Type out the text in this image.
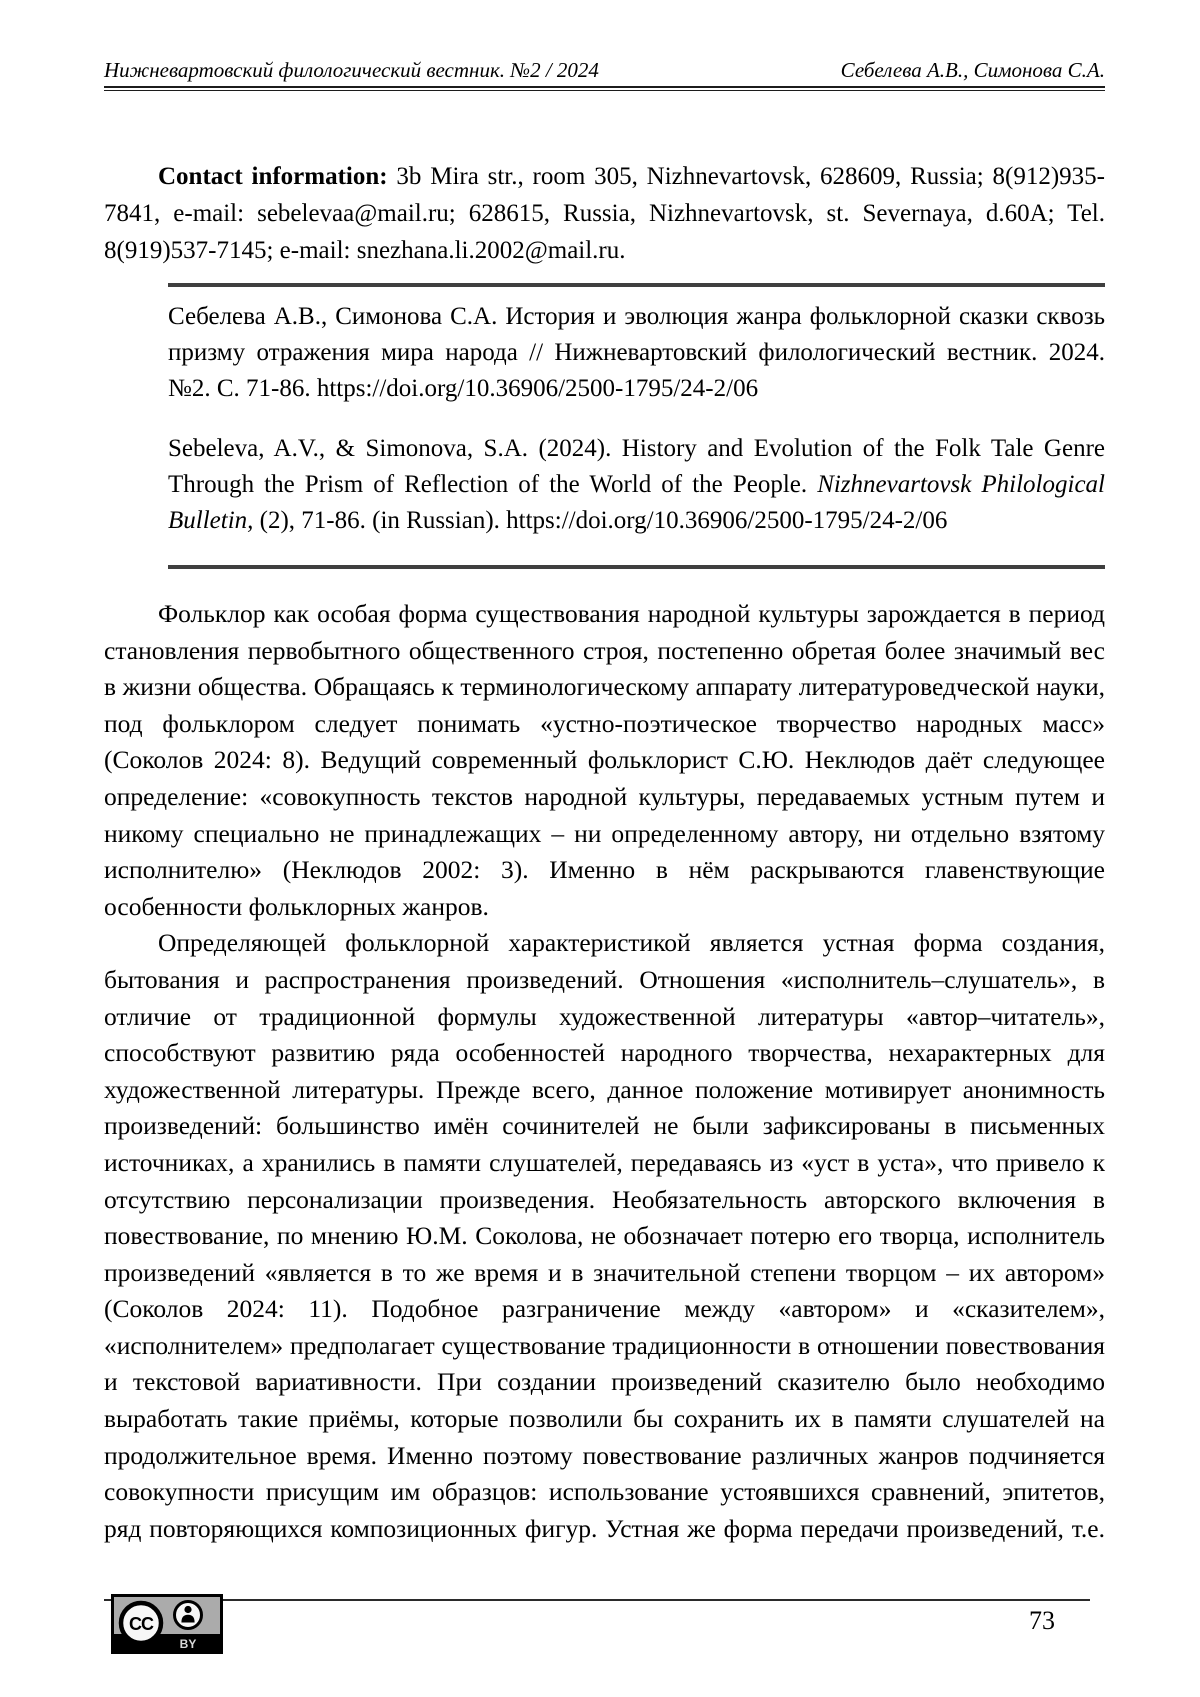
Нижневартовский филологический вестник. №2 / 2024	Себелева А.В., Симонова С.А.

Contact information: 3b Mira str., room 305, Nizhnevartovsk, 628609, Russia; 8(912)935-7841, e-mail: sebelevaa@mail.ru; 628615, Russia, Nizhnevartovsk, st. Severnaya, d.60A; Tel. 8(919)537-7145; e-mail: snezhana.li.2002@mail.ru.

Себелева А.В., Симонова С.А. История и эволюция жанра фольклорной сказки сквозь призму отражения мира народа // Нижневартовский филологический вестник. 2024. №2. С. 71-86. https://doi.org/10.36906/2500-1795/24-2/06

Sebeleva, A.V., & Simonova, S.A. (2024). History and Evolution of the Folk Tale Genre Through the Prism of Reflection of the World of the People. Nizhnevartovsk Philological Bulletin, (2), 71-86. (in Russian). https://doi.org/10.36906/2500-1795/24-2/06

Фольклор как особая форма существования народной культуры зарождается в период становления первобытного общественного строя, постепенно обретая более значимый вес в жизни общества. Обращаясь к терминологическому аппарату литературоведческой науки, под фольклором следует понимать «устно-поэтическое творчество народных масс» (Соколов 2024: 8). Ведущий современный фольклорист С.Ю. Неклюдов даёт следующее определение: «совокупность текстов народной культуры, передаваемых устным путем и никому специально не принадлежащих – ни определенному автору, ни отдельно взятому исполнителю» (Неклюдов 2002: 3). Именно в нём раскрываются главенствующие особенности фольклорных жанров.

Определяющей фольклорной характеристикой является устная форма создания, бытования и распространения произведений. Отношения «исполнитель–слушатель», в отличие от традиционной формулы художественной литературы «автор–читатель», способствуют развитию ряда особенностей народного творчества, нехарактерных для художественной литературы. Прежде всего, данное положение мотивирует анонимность произведений: большинство имён сочинителей не были зафиксированы в письменных источниках, а хранились в памяти слушателей, передаваясь из «уст в уста», что привело к отсутствию персонализации произведения. Необязательность авторского включения в повествование, по мнению Ю.М. Соколова, не обозначает потерю его творца, исполнитель произведений «является в то же время и в значительной степени творцом – их автором» (Соколов 2024: 11). Подобное разграничение между «автором» и «сказителем», «исполнителем» предполагает существование традиционности в отношении повествования и текстовой вариативности. При создании произведений сказителю было необходимо выработать такие приёмы, которые позволили бы сохранить их в памяти слушателей на продолжительное время. Именно поэтому повествование различных жанров подчиняется совокупности присущим им образцов: использование устоявшихся сравнений, эпитетов, ряд повторяющихся композиционных фигур. Устная же форма передачи произведений, т.е.

BY
CC	73
